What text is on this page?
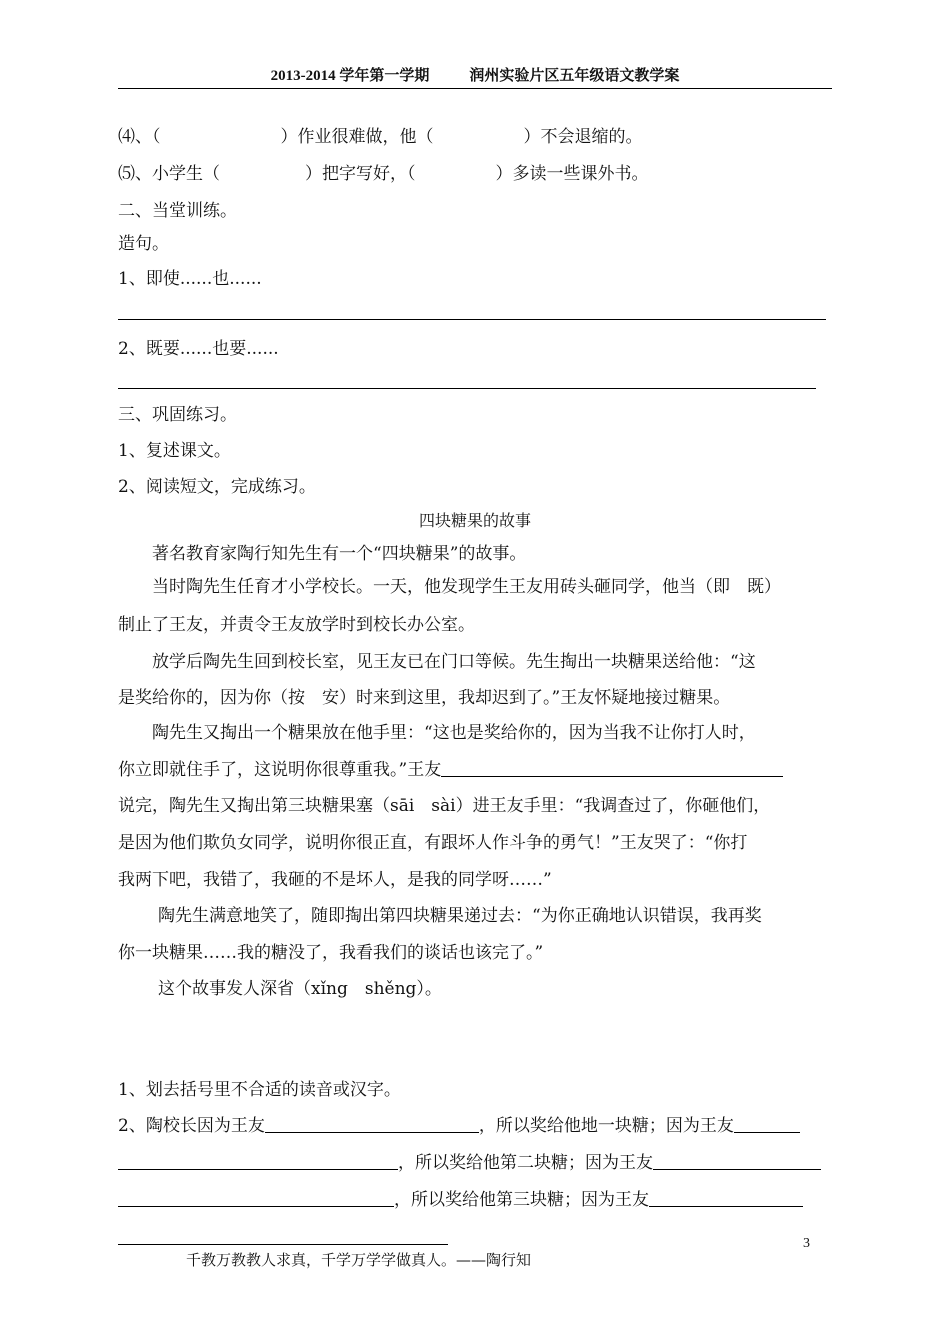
2013-2014 学年第一学期	润州实验片区五年级语文教学案
⑷、（	）作业很难做，他（	）不会退缩的。
⑸、小学生（	）把字写好，（	）多读一些课外书。
二、当堂训练。
造句。
1、即使......也......
2、既要......也要......
三、巩固练习。
1、复述课文。
2、阅读短文，完成练习。
四块糖果的故事
著名教育家陶行知先生有一个“四块糖果”的故事。
当时陶先生任育才小学校长。一天，他发现学生王友用砖头砸同学，他当（即　既）
制止了王友，并责令王友放学时到校长办公室。
放学后陶先生回到校长室，见王友已在门口等候。先生掏出一块糖果送给他：“这
是奖给你的，因为你（按　安）时来到这里，我却迟到了。”王友怀疑地接过糖果。
陶先生又掏出一个糖果放在他手里：“这也是奖给你的，因为当我不让你打人时，
你立即就住手了，这说明你很尊重我。”王友
说完，陶先生又掏出第三块糖果塞（sāi　sài）进王友手里：“我调查过了，你砸他们，
是因为他们欺负女同学，说明你很正直，有跟坏人作斗争的勇气！”王友哭了：“你打
我两下吧，我错了，我砸的不是坏人，是我的同学呀……”
陶先生满意地笑了，随即掏出第四块糖果递过去：“为你正确地认识错误，我再奖
你一块糖果……我的糖没了，我看我们的谈话也该完了。”
这个故事发人深省（xǐng　shěng）。
1、划去括号里不合适的读音或汉字。
2、陶校长因为王友	，所以奖给他地一块糖；因为王友
，所以奖给他第二块糖；因为王友
，所以奖给他第三块糖；因为王友
3
千教万教教人求真，千学万学学做真人。——陶行知
